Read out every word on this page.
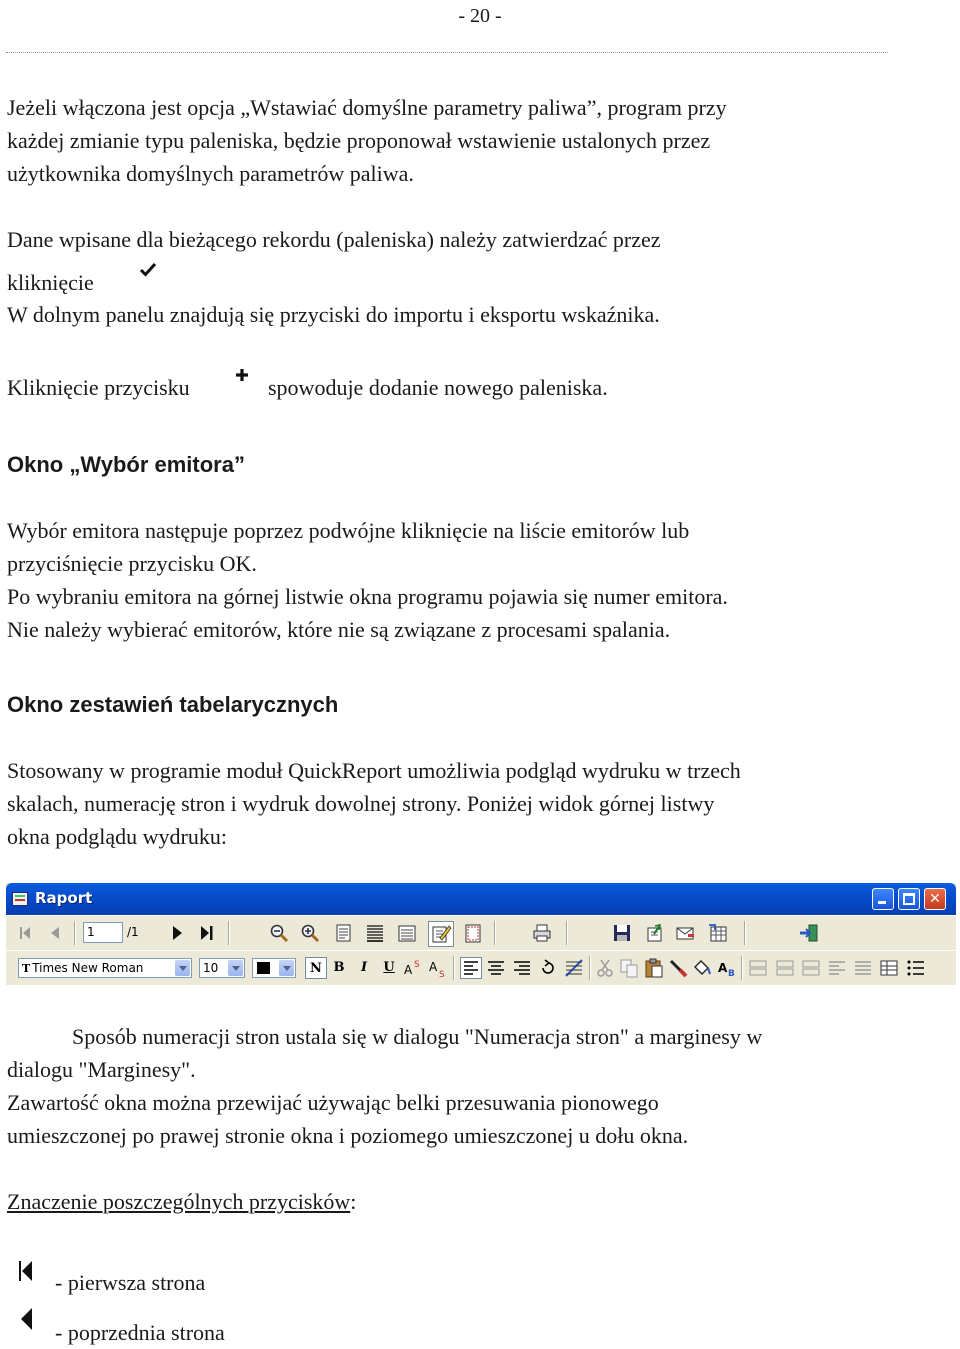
- 20 -

Jeżeli włączona jest opcja „Wstawiać domyślne parametry paliwa”, program przy

każdej zmianie typu paleniska, będzie proponował wstawienie ustalonych przez

użytkownika domyślnych parametrów paliwa.

Dane wpisane dla bieżącego rekordu (paleniska) należy zatwierdzać przez

kliknięcie

W dolnym panelu znajdują się przyciski do importu i eksportu wskaźnika.

Kliknięcie przycisku	spowoduje dodanie nowego paleniska.

Okno „Wybór emitora”

Wybór emitora następuje poprzez podwójne kliknięcie na liście emitorów lub

przyciśnięcie przycisku OK.

Po wybraniu emitora na górnej listwie okna programu pojawia się numer emitora.

Nie należy wybierać emitorów, które nie są związane z procesami spalania.

Okno zestawień tabelarycznych

Stosowany w programie moduł QuickReport umożliwia podgląd wydruku w trzech

skalach, numerację stron i wydruk dowolnej strony. Poniżej widok górnej listwy

okna podglądu wydruku:

Raport	✕
1	/1
T Times New Roman	10	N B	I	U A S A
S	A B

Sposób numeracji stron ustala się w dialogu "Numeracja stron" a marginesy w

dialogu "Marginesy".

Zawartość okna można przewijać używając belki przesuwania pionowego

umieszczonej po prawej stronie okna i poziomego umieszczonej u dołu okna.

Znaczenie poszczególnych przycisków:

- pierwsza strona

- poprzednia strona
